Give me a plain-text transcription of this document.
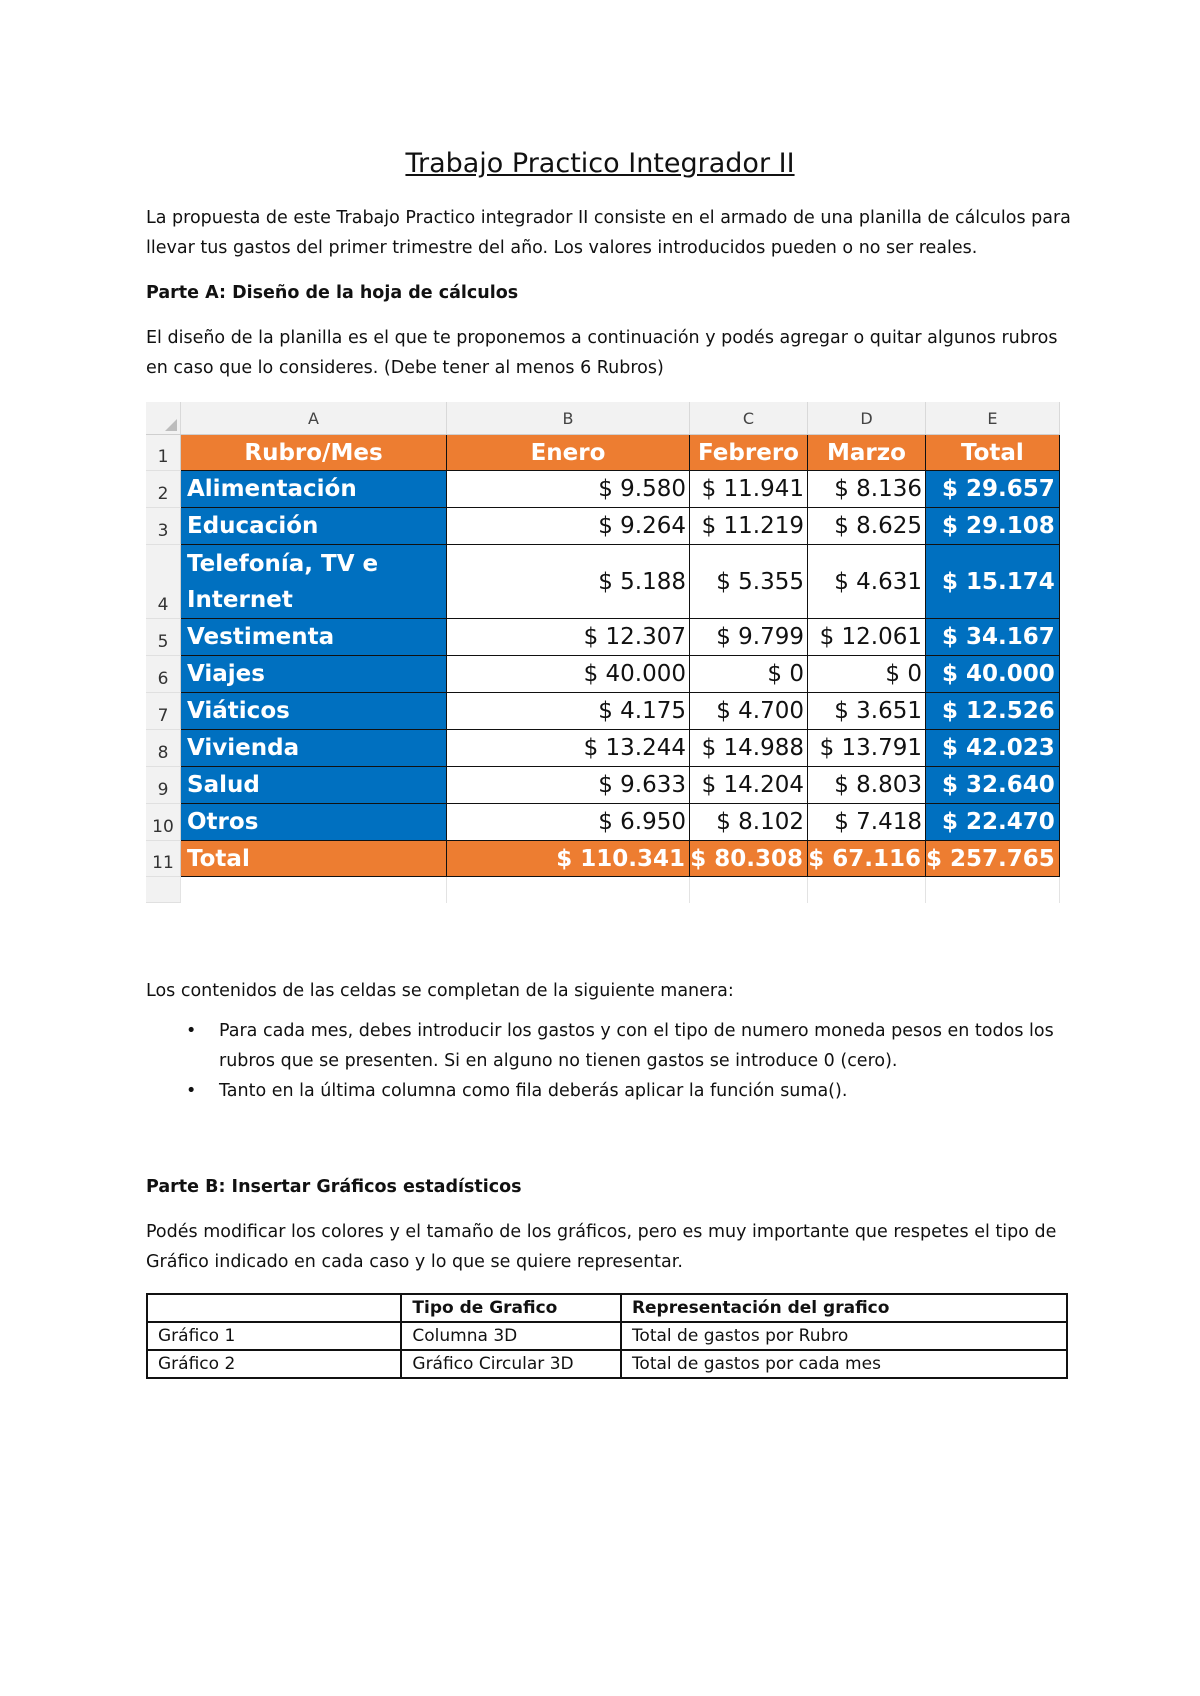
Trabajo Practico Integrador II

La propuesta de este Trabajo Practico integrador II consiste en el armado de una planilla de cálculos para llevar tus gastos del primer trimestre del año. Los valores introducidos pueden o no ser reales.

Parte A: Diseño de la hoja de cálculos

El diseño de la planilla es el que te proponemos a continuación y podés agregar o quitar algunos rubros en caso que lo consideres. (Debe tener al menos 6 Rubros)

	A	B	C	D	E
1	Rubro/Mes	Enero	Febrero	Marzo	Total
2	Alimentación	$ 9.580	$ 11.941	$ 8.136	$ 29.657
3	Educación	$ 9.264	$ 11.219	$ 8.625	$ 29.108
4	Telefonía, TV e Internet	$ 5.188	$ 5.355	$ 4.631	$ 15.174
5	Vestimenta	$ 12.307	$ 9.799	$ 12.061	$ 34.167
6	Viajes	$ 40.000	$ 0	$ 0	$ 40.000
7	Viáticos	$ 4.175	$ 4.700	$ 3.651	$ 12.526
8	Vivienda	$ 13.244	$ 14.988	$ 13.791	$ 42.023
9	Salud	$ 9.633	$ 14.204	$ 8.803	$ 32.640
10	Otros	$ 6.950	$ 8.102	$ 7.418	$ 22.470
11	Total	$ 110.341	$ 80.308	$ 67.116	$ 257.765

Los contenidos de las celdas se completan de la siguiente manera:

• Para cada mes, debes introducir los gastos y con el tipo de numero moneda pesos en todos los rubros que se presenten. Si en alguno no tienen gastos se introduce 0 (cero).
• Tanto en la última columna como fila deberás aplicar la función suma().

Parte B: Insertar Gráficos estadísticos

Podés modificar los colores y el tamaño de los gráficos, pero es muy importante que respetes el tipo de Gráfico indicado en cada caso y lo que se quiere representar.

	Tipo de Grafico	Representación del grafico
Gráfico 1	Columna 3D	Total de gastos por Rubro
Gráfico 2	Gráfico Circular 3D	Total de gastos por cada mes
